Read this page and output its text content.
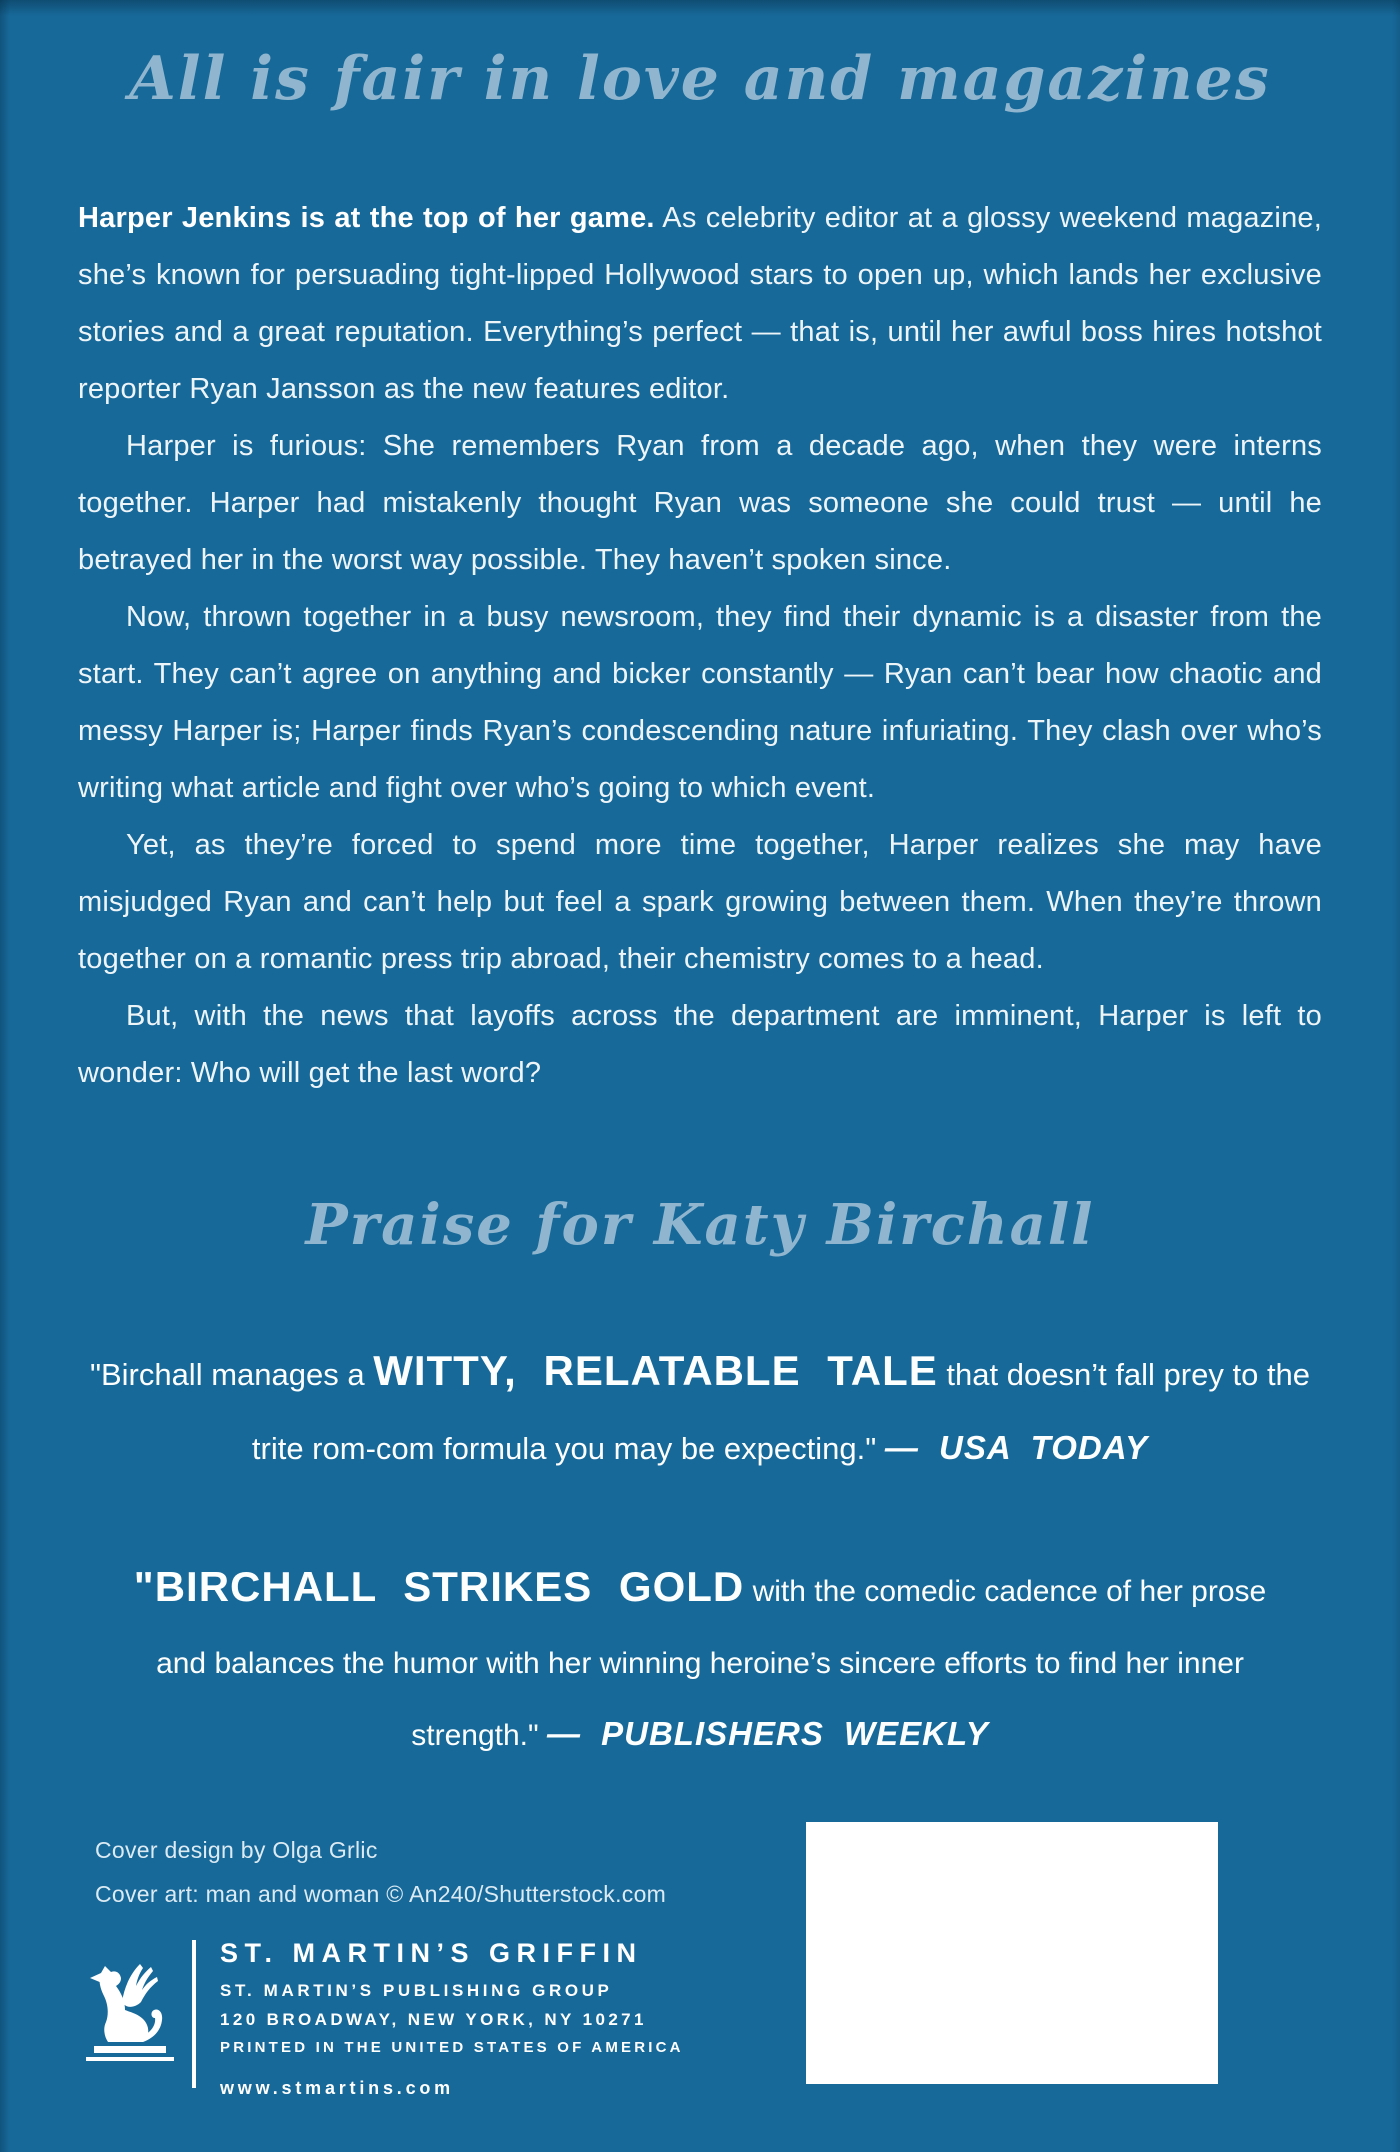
All is fair in love and magazines

Harper Jenkins is at the top of her game. As celebrity editor at a glossy weekend magazine, she’s known for persuading tight-lipped Hollywood stars to open up, which lands her exclusive stories and a great reputation. Everything’s perfect — that is, until her awful boss hires hotshot reporter Ryan Jansson as the new features editor.

Harper is furious: She remembers Ryan from a decade ago, when they were interns together. Harper had mistakenly thought Ryan was someone she could trust — until he betrayed her in the worst way possible. They haven’t spoken since.

Now, thrown together in a busy newsroom, they find their dynamic is a disaster from the start. They can’t agree on anything and bicker constantly — Ryan can’t bear how chaotic and messy Harper is; Harper finds Ryan’s condescending nature infuriating. They clash over who’s writing what article and fight over who’s going to which event.

Yet, as they’re forced to spend more time together, Harper realizes she may have misjudged Ryan and can’t help but feel a spark growing between them. When they’re thrown together on a romantic press trip abroad, their chemistry comes to a head.

But, with the news that layoffs across the department are imminent, Harper is left to wonder: Who will get the last word?

Praise for Katy Birchall
"Birchall manages a WITTY, RELATABLE TALE that doesn’t fall prey to the trite rom-com formula you may be expecting." — USA TODAY
"BIRCHALL STRIKES GOLD with the comedic cadence of her prose and balances the humor with her winning heroine’s sincere efforts to find her inner strength." — PUBLISHERS WEEKLY
Cover design by Olga Grlic
Cover art: man and woman © An240/Shutterstock.com
ST. MARTIN’S GRIFFIN
ST. MARTIN’S PUBLISHING GROUP
120 BROADWAY, NEW YORK, NY 10271
PRINTED IN THE UNITED STATES OF AMERICA
www.stmartins.com
